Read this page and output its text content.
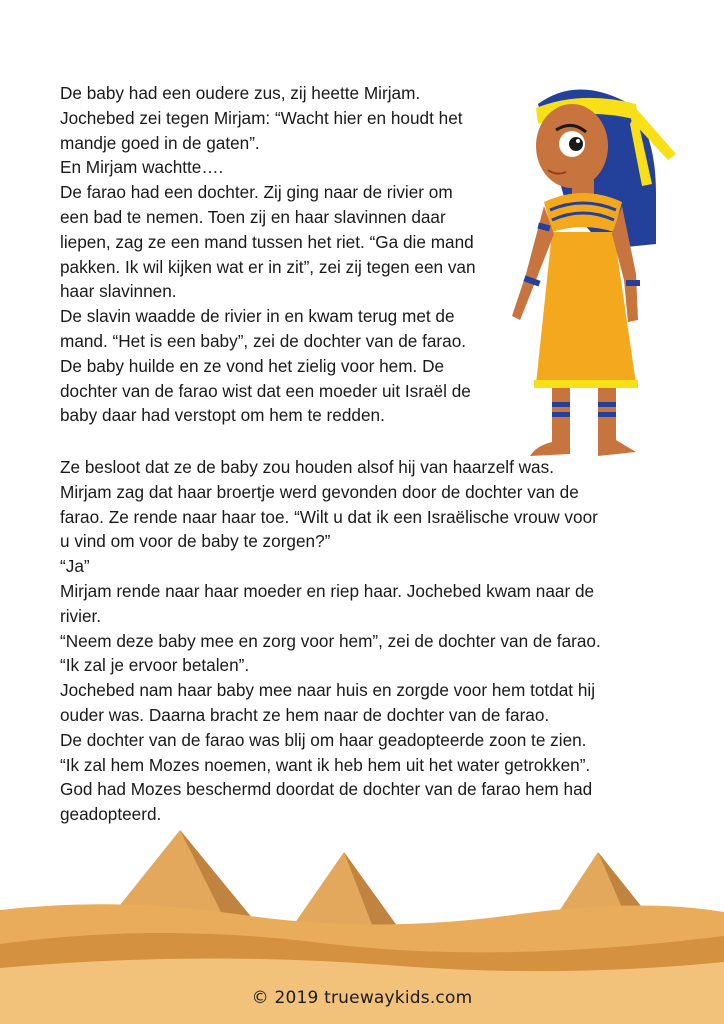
De baby had een oudere zus, zij heette Mirjam.

Jochebed zei tegen Mirjam: “Wacht hier en houdt het

mandje goed in de gaten”.

En Mirjam wachtte….

De farao had een dochter. Zij ging naar de rivier om

een bad te nemen. Toen zij en haar slavinnen daar

liepen, zag ze een mand tussen het riet. “Ga die mand

pakken. Ik wil kijken wat er in zit”, zei zij tegen een van

haar slavinnen.

De slavin waadde de rivier in en kwam terug met de

mand. “Het is een baby”, zei de dochter van de farao.

De baby huilde en ze vond het zielig voor hem. De

dochter van de farao wist dat een moeder uit Israël de

baby daar had verstopt om hem te redden.

Ze besloot dat ze de baby zou houden alsof hij van haarzelf was.

Mirjam zag dat haar broertje werd gevonden door de dochter van de

farao. Ze rende naar haar toe. “Wilt u dat ik een Israëlische vrouw voor

u vind om voor de baby te zorgen?”

“Ja”

Mirjam rende naar haar moeder en riep haar. Jochebed kwam naar de

rivier.

“Neem deze baby mee en zorg voor hem”, zei de dochter van de farao.

“Ik zal je ervoor betalen”.

Jochebed nam haar baby mee naar huis en zorgde voor hem totdat hij

ouder was. Daarna bracht ze hem naar de dochter van de farao.

De dochter van de farao was blij om haar geadopteerde zoon te zien.

“Ik zal hem Mozes noemen, want ik heb hem uit het water getrokken”.

God had Mozes beschermd doordat de dochter van de farao hem had

geadopteerd.

© 2019 truewaykids.com
